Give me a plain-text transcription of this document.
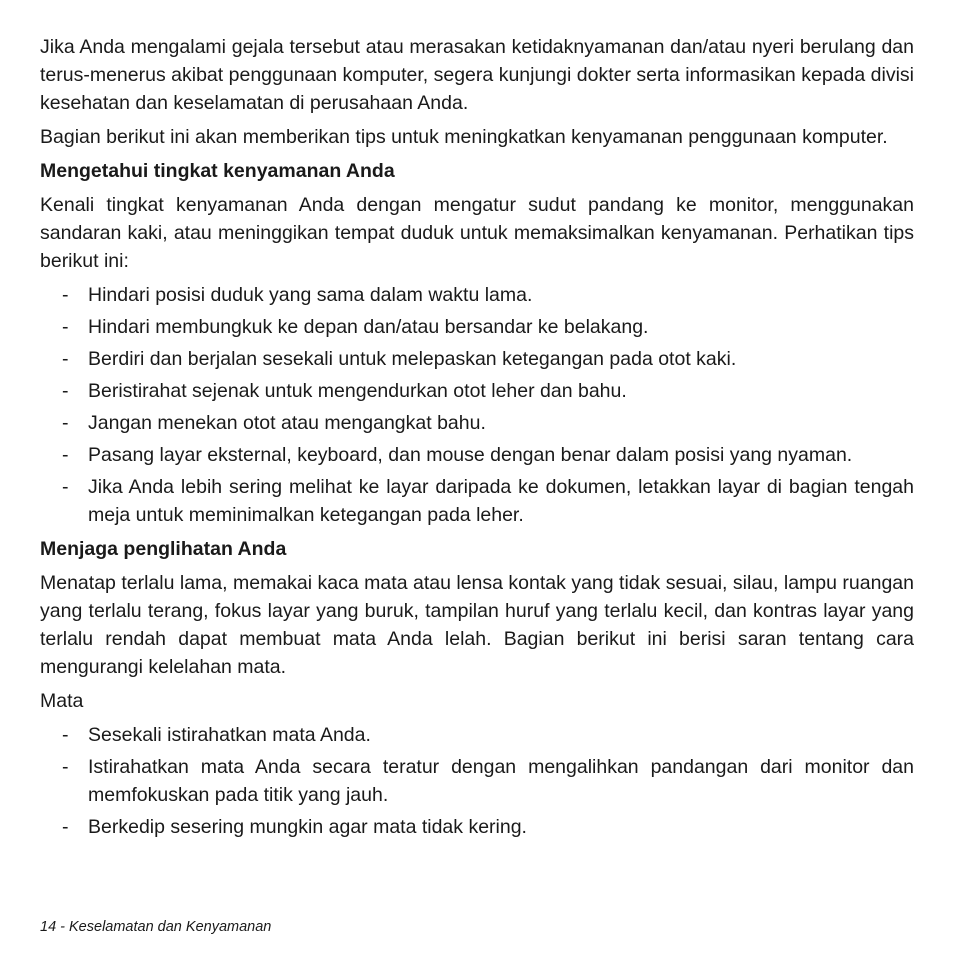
Jika Anda mengalami gejala tersebut atau merasakan ketidaknyamanan dan/atau nyeri berulang dan terus-menerus akibat penggunaan komputer, segera kunjungi dokter serta informasikan kepada divisi kesehatan dan keselamatan di perusahaan Anda.

Bagian berikut ini akan memberikan tips untuk meningkatkan kenyamanan penggunaan komputer.

Mengetahui tingkat kenyamanan Anda

Kenali tingkat kenyamanan Anda dengan mengatur sudut pandang ke monitor, menggunakan sandaran kaki, atau meninggikan tempat duduk untuk memaksimalkan kenyamanan. Perhatikan tips berikut ini:

- Hindari posisi duduk yang sama dalam waktu lama.
- Hindari membungkuk ke depan dan/atau bersandar ke belakang.
- Berdiri dan berjalan sesekali untuk melepaskan ketegangan pada otot kaki.
- Beristirahat sejenak untuk mengendurkan otot leher dan bahu.
- Jangan menekan otot atau mengangkat bahu.
- Pasang layar eksternal, keyboard, dan mouse dengan benar dalam posisi yang nyaman.
- Jika Anda lebih sering melihat ke layar daripada ke dokumen, letakkan layar di bagian tengah meja untuk meminimalkan ketegangan pada leher.
Menjaga penglihatan Anda

Menatap terlalu lama, memakai kaca mata atau lensa kontak yang tidak sesuai, silau, lampu ruangan yang terlalu terang, fokus layar yang buruk, tampilan huruf yang terlalu kecil, dan kontras layar yang terlalu rendah dapat membuat mata Anda lelah. Bagian berikut ini berisi saran tentang cara mengurangi kelelahan mata.

Mata

- Sesekali istirahatkan mata Anda.
- Istirahatkan mata Anda secara teratur dengan mengalihkan pandangan dari monitor dan memfokuskan pada titik yang jauh.
- Berkedip sesering mungkin agar mata tidak kering.
14 - Keselamatan dan Kenyamanan
